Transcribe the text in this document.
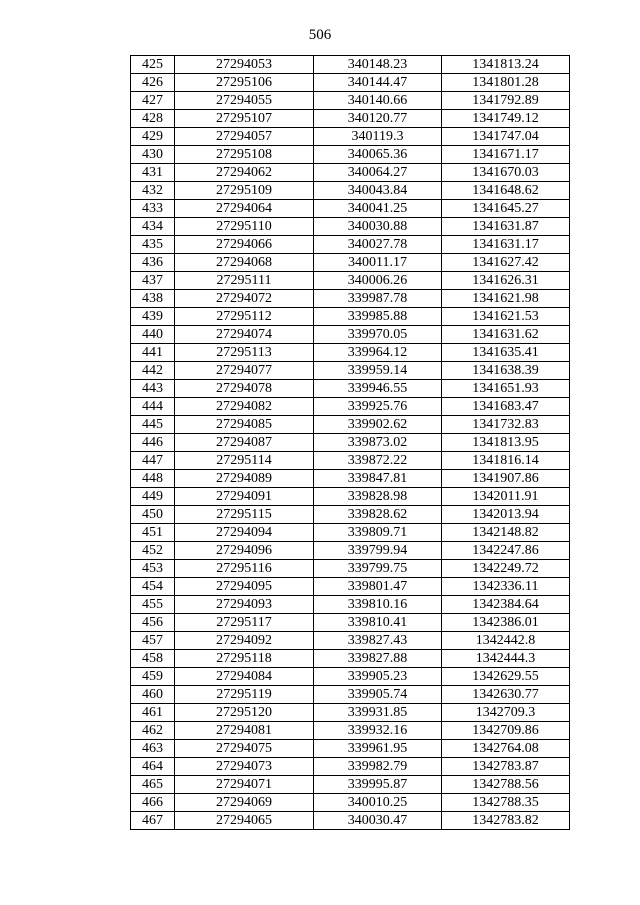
506
425	27294053	340148.23	1341813.24
426	27295106	340144.47	1341801.28
427	27294055	340140.66	1341792.89
428	27295107	340120.77	1341749.12
429	27294057	340119.3	1341747.04
430	27295108	340065.36	1341671.17
431	27294062	340064.27	1341670.03
432	27295109	340043.84	1341648.62
433	27294064	340041.25	1341645.27
434	27295110	340030.88	1341631.87
435	27294066	340027.78	1341631.17
436	27294068	340011.17	1341627.42
437	27295111	340006.26	1341626.31
438	27294072	339987.78	1341621.98
439	27295112	339985.88	1341621.53
440	27294074	339970.05	1341631.62
441	27295113	339964.12	1341635.41
442	27294077	339959.14	1341638.39
443	27294078	339946.55	1341651.93
444	27294082	339925.76	1341683.47
445	27294085	339902.62	1341732.83
446	27294087	339873.02	1341813.95
447	27295114	339872.22	1341816.14
448	27294089	339847.81	1341907.86
449	27294091	339828.98	1342011.91
450	27295115	339828.62	1342013.94
451	27294094	339809.71	1342148.82
452	27294096	339799.94	1342247.86
453	27295116	339799.75	1342249.72
454	27294095	339801.47	1342336.11
455	27294093	339810.16	1342384.64
456	27295117	339810.41	1342386.01
457	27294092	339827.43	1342442.8
458	27295118	339827.88	1342444.3
459	27294084	339905.23	1342629.55
460	27295119	339905.74	1342630.77
461	27295120	339931.85	1342709.3
462	27294081	339932.16	1342709.86
463	27294075	339961.95	1342764.08
464	27294073	339982.79	1342783.87
465	27294071	339995.87	1342788.56
466	27294069	340010.25	1342788.35
467	27294065	340030.47	1342783.82
